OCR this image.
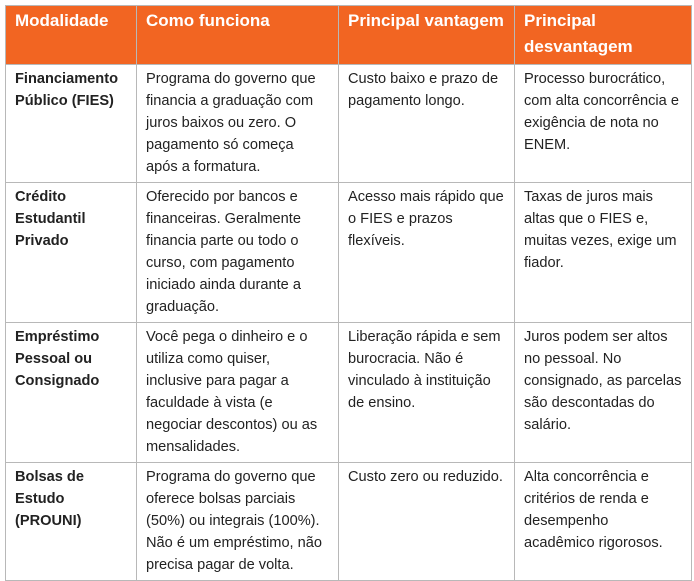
Modalidade	Como funciona	Principal vantagem	Principal desvantagem
Financiamento Público (FIES)	Programa do governo que financia a graduação com juros baixos ou zero. O pagamento só começa após a formatura.	Custo baixo e prazo de pagamento longo.	Processo burocrático, com alta concorrência e exigência de nota no ENEM.
Crédito Estudantil Privado	Oferecido por bancos e financeiras. Geralmente financia parte ou todo o curso, com pagamento iniciado ainda durante a graduação.	Acesso mais rápido que o FIES e prazos flexíveis.	Taxas de juros mais altas que o FIES e, muitas vezes, exige um fiador.
Empréstimo Pessoal ou Consignado	Você pega o dinheiro e o utiliza como quiser, inclusive para pagar a faculdade à vista (e negociar descontos) ou as mensalidades.	Liberação rápida e sem burocracia. Não é vinculado à instituição de ensino.	Juros podem ser altos no pessoal. No consignado, as parcelas são descontadas do salário.
Bolsas de Estudo (PROUNI)	Programa do governo que oferece bolsas parciais (50%) ou integrais (100%). Não é um empréstimo, não precisa pagar de volta.	Custo zero ou reduzido.	Alta concorrência e critérios de renda e desempenho acadêmico rigorosos.
